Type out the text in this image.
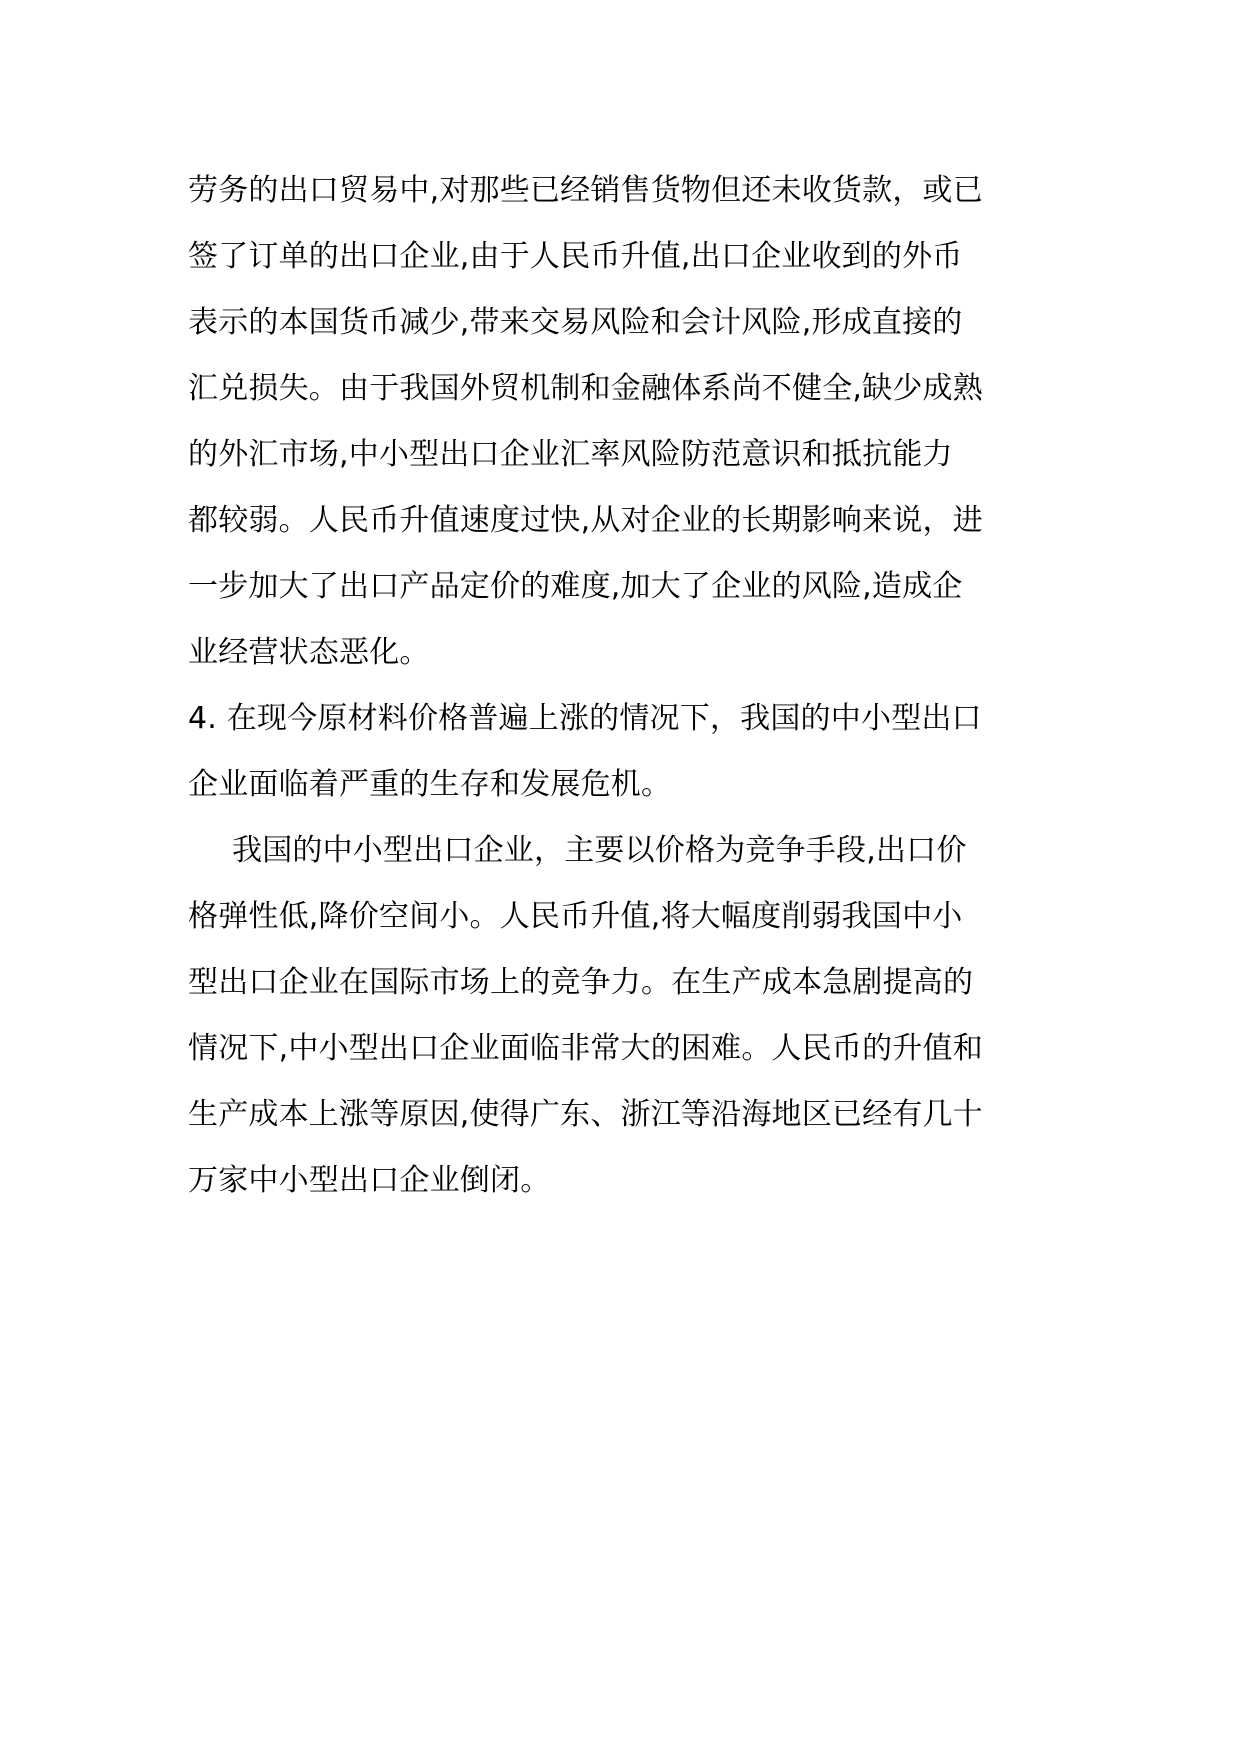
劳务的出口贸易中,对那些已经销售货物但还未收货款，或已
签了订单的出口企业,由于人民币升值,出口企业收到的外币
表示的本国货币减少,带来交易风险和会计风险,形成直接的
汇兑损失。由于我国外贸机制和金融体系尚不健全,缺少成熟
的外汇市场,中小型出口企业汇率风险防范意识和抵抗能力
都较弱。人民币升值速度过快,从对企业的长期影响来说，进
一步加大了出口产品定价的难度,加大了企业的风险,造成企
业经营状态恶化。
4. 在现今原材料价格普遍上涨的情况下，我国的中小型出口
企业面临着严重的生存和发展危机。
我国的中小型出口企业，主要以价格为竞争手段,出口价
格弹性低,降价空间小。人民币升值,将大幅度削弱我国中小
型出口企业在国际市场上的竞争力。在生产成本急剧提高的
情况下,中小型出口企业面临非常大的困难。人民币的升值和
生产成本上涨等原因,使得广东、浙江等沿海地区已经有几十
万家中小型出口企业倒闭。
